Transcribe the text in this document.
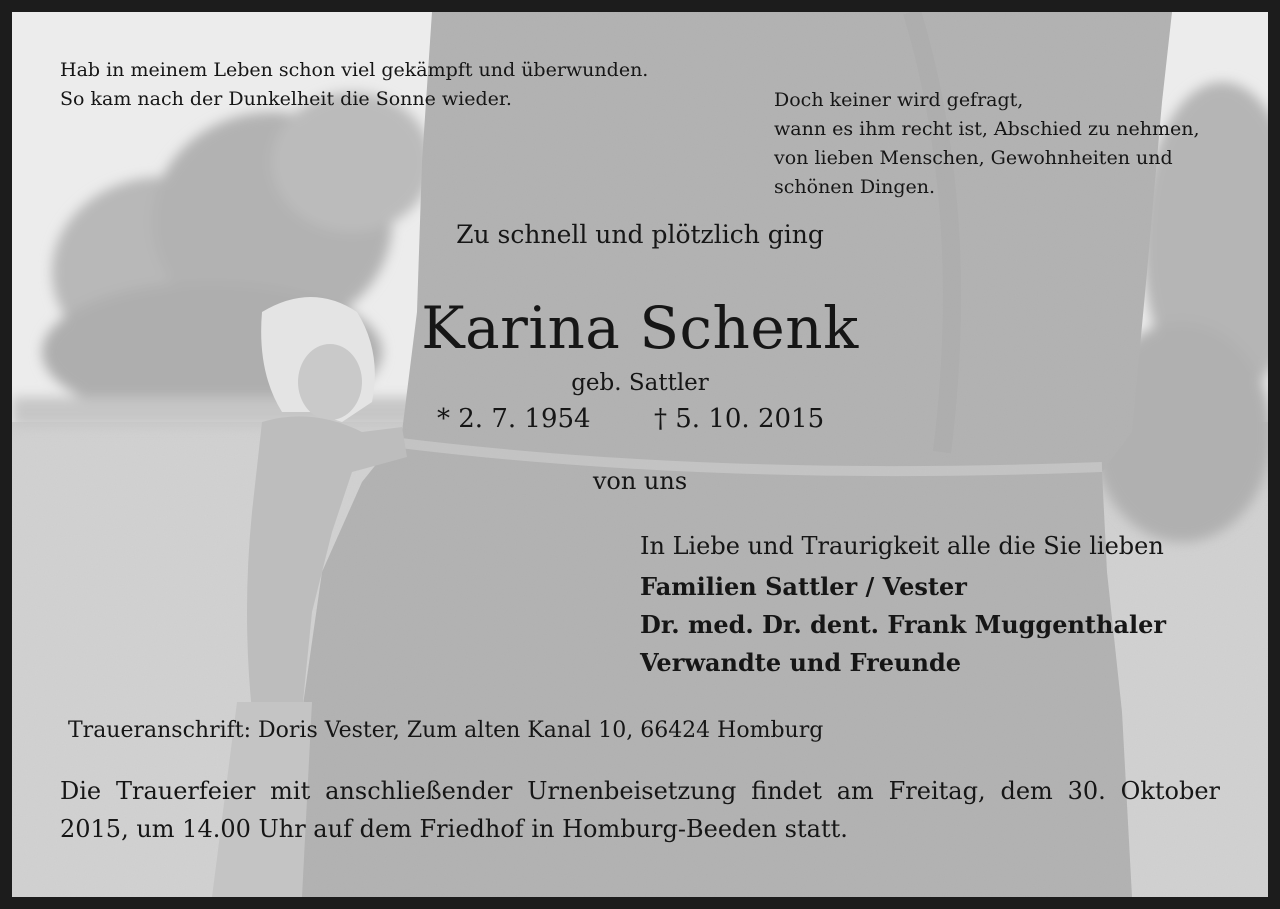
Hab in meinem Leben schon viel gekämpft und überwunden.
So kam nach der Dunkelheit die Sonne wieder.	Doch keiner wird gefragt,
wann es ihm recht ist, Abschied zu nehmen,
von lieben Menschen, Gewohnheiten und
schönen Dingen.

Zu schnell und plötzlich ging

Karina Schenk

geb. Sattler

* 2. 7. 1954 † 5. 10. 2015

von uns

In Liebe und Traurigkeit alle die Sie lieben

Familien Sattler / Vester
Dr. med. Dr. dent. Frank Muggenthaler
Verwandte und Freunde

Traueranschrift: Doris Vester, Zum alten Kanal 10, 66424 Homburg

Die Trauerfeier mit anschließender Urnenbeisetzung findet am Freitag, dem 30. Oktober 2015, um 14.00 Uhr auf dem Friedhof in Homburg-Beeden statt.
